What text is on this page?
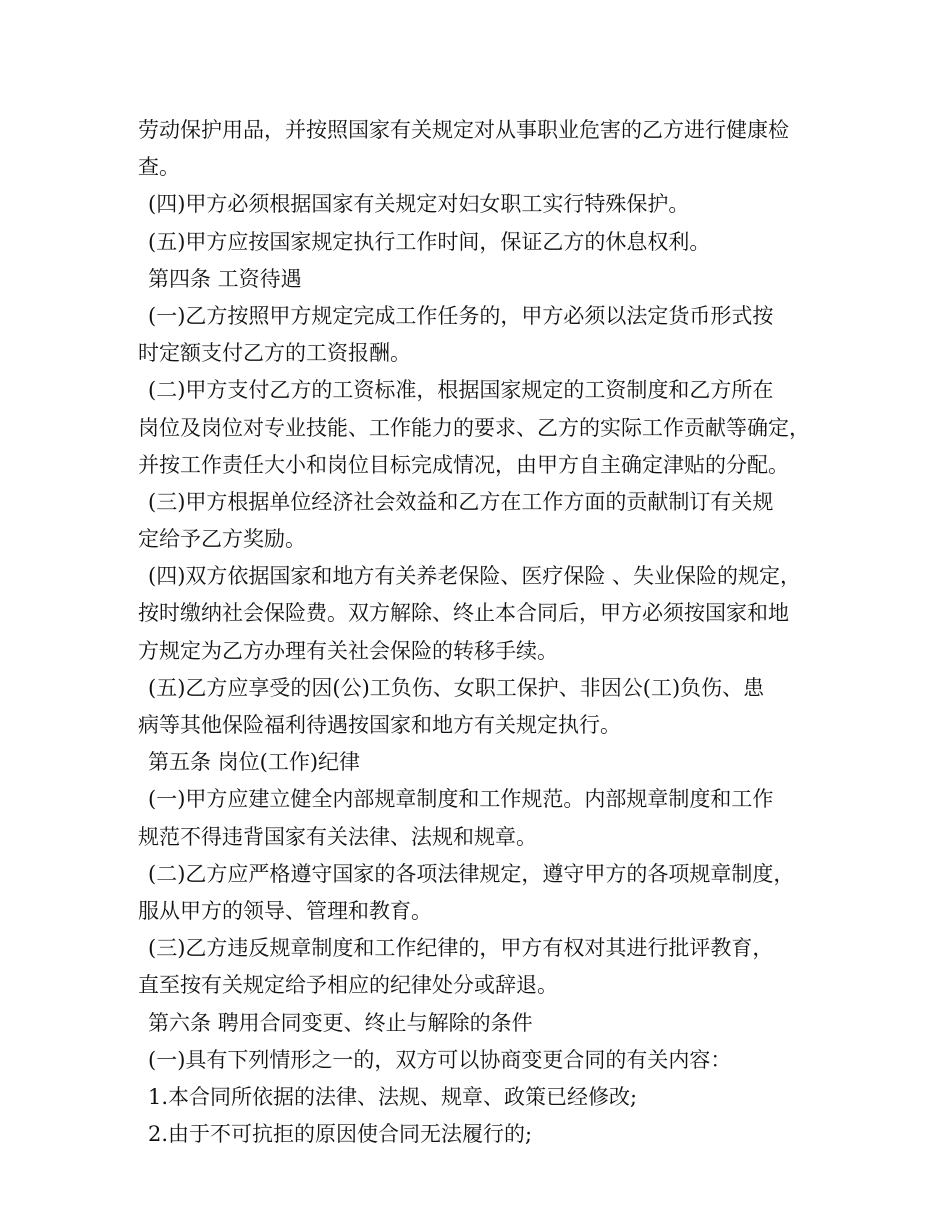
劳动保护用品，并按照国家有关规定对从事职业危害的乙方进行健康检
查。
(四)甲方必须根据国家有关规定对妇女职工实行特殊保护。
(五)甲方应按国家规定执行工作时间，保证乙方的休息权利。
第四条 工资待遇
(一)乙方按照甲方规定完成工作任务的，甲方必须以法定货币形式按
时定额支付乙方的工资报酬。
(二)甲方支付乙方的工资标准，根据国家规定的工资制度和乙方所在
岗位及岗位对专业技能、工作能力的要求、乙方的实际工作贡献等确定，
并按工作责任大小和岗位目标完成情况，由甲方自主确定津贴的分配。
(三)甲方根据单位经济社会效益和乙方在工作方面的贡献制订有关规
定给予乙方奖励。
(四)双方依据国家和地方有关养老保险、医疗保险 、失业保险的规定，
按时缴纳社会保险费。双方解除、终止本合同后，甲方必须按国家和地
方规定为乙方办理有关社会保险的转移手续。
(五)乙方应享受的因(公)工负伤、女职工保护、非因公(工)负伤、患
病等其他保险福利待遇按国家和地方有关规定执行。
第五条 岗位(工作)纪律
(一)甲方应建立健全内部规章制度和工作规范。内部规章制度和工作
规范不得违背国家有关法律、法规和规章。
(二)乙方应严格遵守国家的各项法律规定，遵守甲方的各项规章制度，
服从甲方的领导、管理和教育。
(三)乙方违反规章制度和工作纪律的，甲方有权对其进行批评教育，
直至按有关规定给予相应的纪律处分或辞退。
第六条 聘用合同变更、终止与解除的条件
(一)具有下列情形之一的，双方可以协商变更合同的有关内容：
1.本合同所依据的法律、法规、规章、政策已经修改;
2.由于不可抗拒的原因使合同无法履行的;
